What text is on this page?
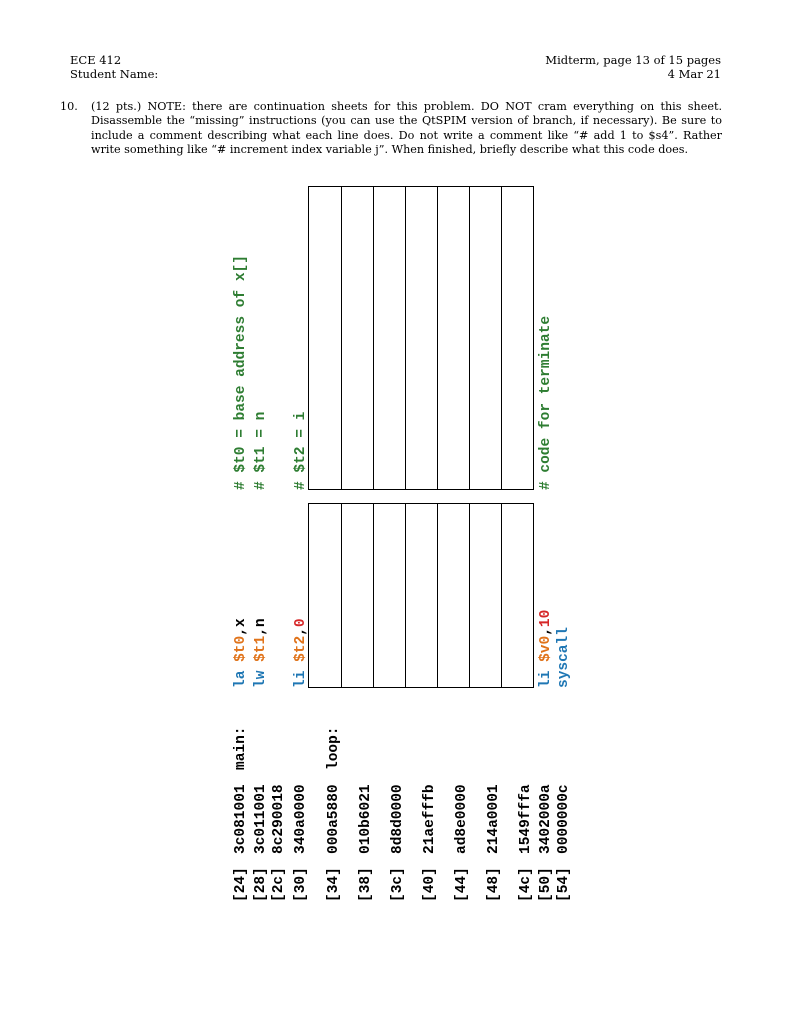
ECE 412
Student Name:
Midterm, page 13 of 15 pages
4 Mar 21
10. (12 pts.) NOTE: there are continuation sheets for this problem. DO NOT cram everything on this sheet. Disassemble the “missing” instructions (you can use the QtSPIM version of branch, if necessary). Be sure to include a comment describing what each line does. Do not write a comment like “# add 1 to $s4”. Rather write something like “# increment index variable j”. When finished, briefly describe what this code does.
[24]
3c081001
main:
la $t0,x
# $t0 = base address of x[]
[28]
3c011001
lw $t1,n
# $t1 = n
[2c]
8c290018
[30]
340a0000
li $t2,0
# $t2 = i
[34]
000a5880
loop:
[38]
010b6021
[3c]
8d8d0000
[40]
21aefffb
[44]
ad8e0000
[48]
214a0001
[4c]
1549fffa
[50]
3402000a
li $v0,10
# code for terminate
[54]
0000000c
syscall
